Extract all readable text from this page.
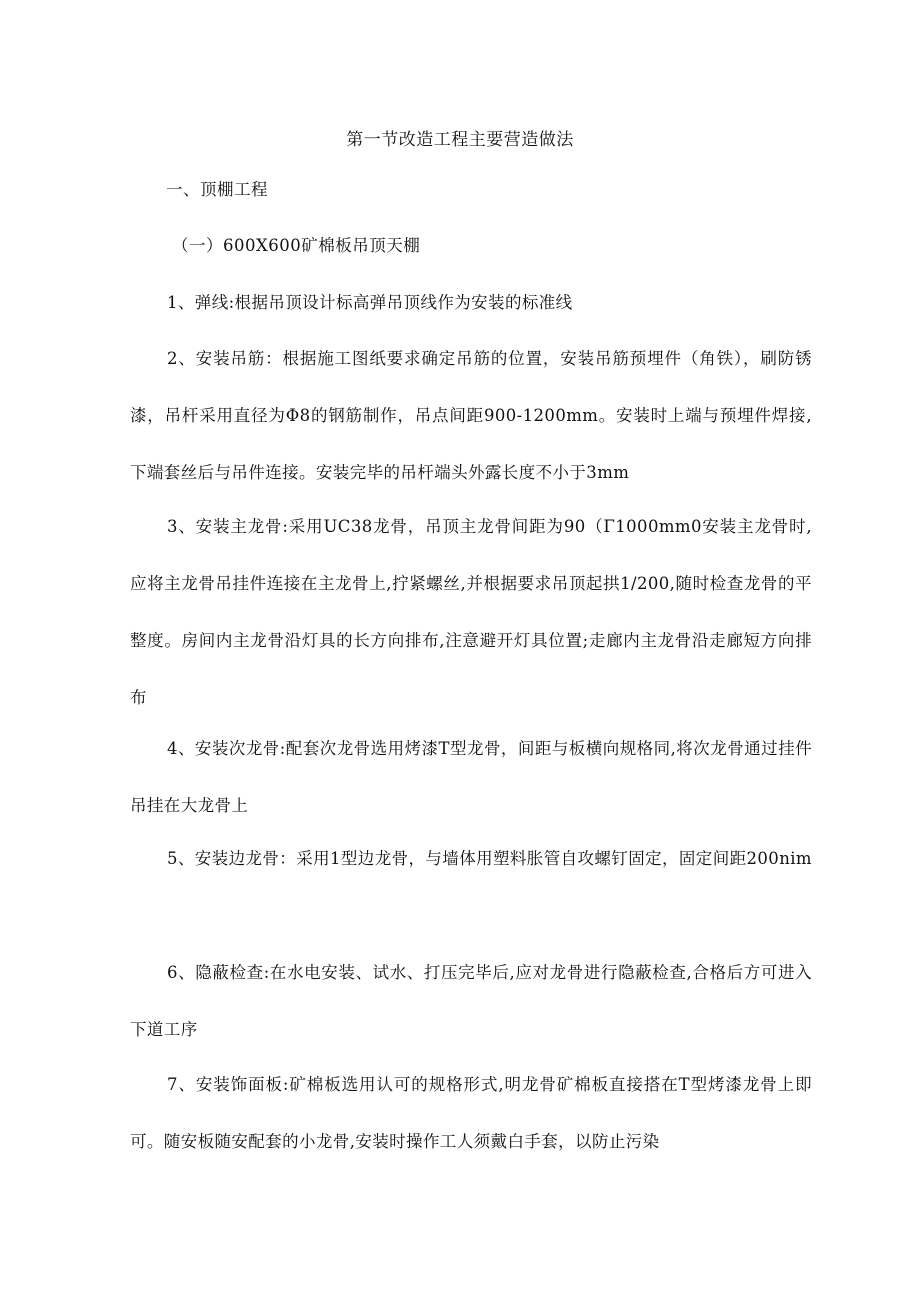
第一节改造工程主要营造做法
一、顶棚工程
（一）600X600矿棉板吊顶天棚

1、弹线:根据吊顶设计标高弹吊顶线作为安装的标准线

2、安装吊筋：根据施工图纸要求确定吊筋的位置，安装吊筋预埋件（角铁），刷防锈漆，吊杆采用直径为Φ8的钢筋制作，吊点间距900-1200mm。安装时上端与预埋件焊接,下端套丝后与吊件连接。安装完毕的吊杆端头外露长度不小于3mm

3、安装主龙骨:采用UC38龙骨，吊顶主龙骨间距为90（Γ1000mm0安装主龙骨时,应将主龙骨吊挂件连接在主龙骨上,拧紧螺丝,并根据要求吊顶起拱1/200,随时检查龙骨的平整度。房间内主龙骨沿灯具的长方向排布,注意避开灯具位置;走廊内主龙骨沿走廊短方向排布

4、安装次龙骨:配套次龙骨选用烤漆T型龙骨，间距与板横向规格同,将次龙骨通过挂件吊挂在大龙骨上

5、安装边龙骨：采用1型边龙骨，与墙体用塑料胀管自攻螺钉固定，固定间距200nim

6、隐蔽检查:在水电安装、试水、打压完毕后,应对龙骨进行隐蔽检查,合格后方可进入下道工序

7、安装饰面板:矿棉板选用认可的规格形式,明龙骨矿棉板直接搭在T型烤漆龙骨上即可。随安板随安配套的小龙骨,安装时操作工人须戴白手套，以防止污染
